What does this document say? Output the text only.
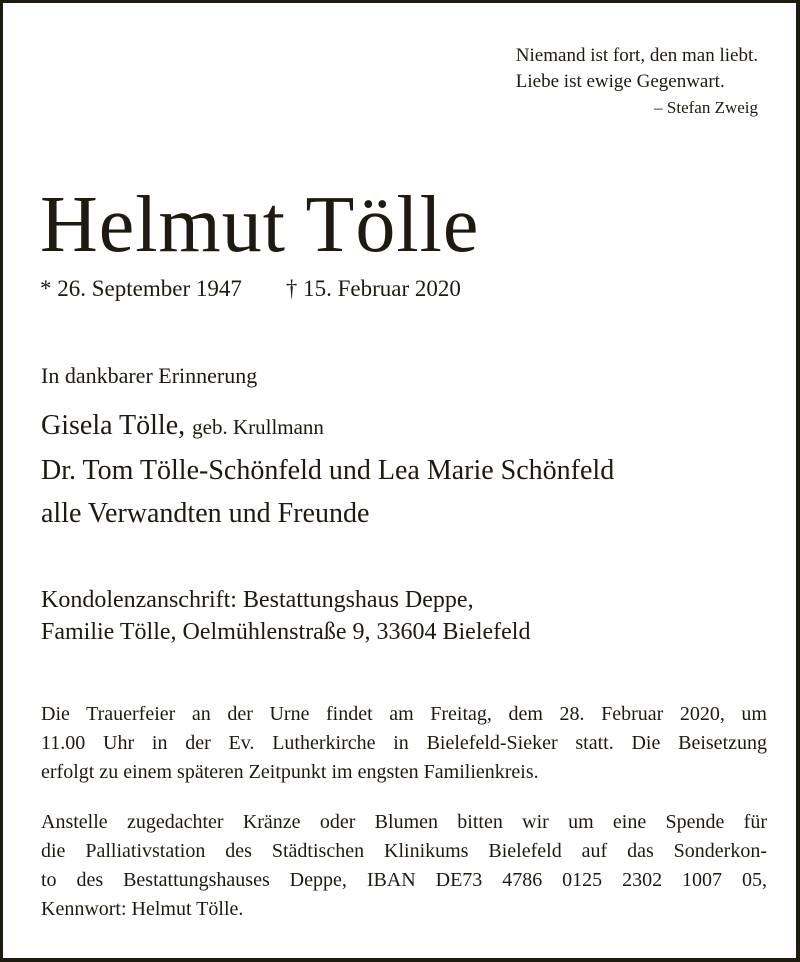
Niemand ist fort, den man liebt.
Liebe ist ewige Gegenwart.
– Stefan Zweig
Helmut Tölle
* 26. September 1947 † 15. Februar 2020
In dankbarer Erinnerung
Gisela Tölle, geb. Krullmann
Dr. Tom Tölle-Schönfeld und Lea Marie Schönfeld
alle Verwandten und Freunde
Kondolenzanschrift: Bestattungshaus Deppe,
Familie Tölle, Oelmühlenstraße 9, 33604 Bielefeld
Die Trauerfeier an der Urne findet am Freitag, dem 28. Februar 2020, um
11.00 Uhr in der Ev. Lutherkirche in Bielefeld-Sieker statt. Die Beisetzung
erfolgt zu einem späteren Zeitpunkt im engsten Familienkreis.
Anstelle zugedachter Kränze oder Blumen bitten wir um eine Spende für
die Palliativstation des Städtischen Klinikums Bielefeld auf das Sonderkon-
to des Bestattungshauses Deppe, IBAN DE73 4786 0125 2302 1007 05,
Kennwort: Helmut Tölle.
